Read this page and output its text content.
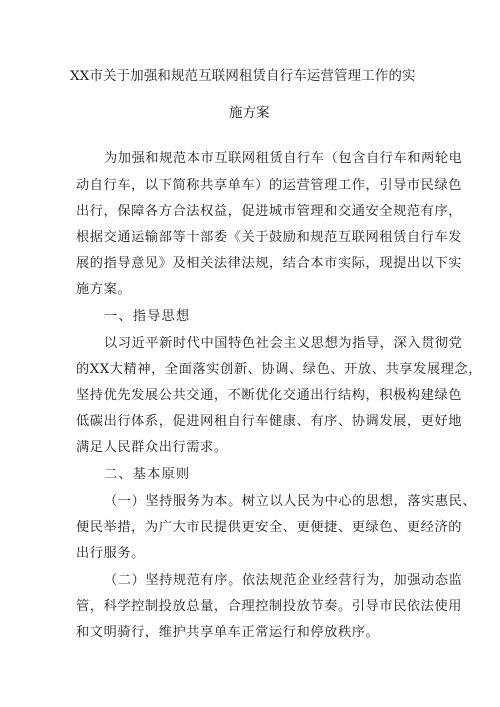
XX市关于加强和规范互联网租赁自行车运营管理工作的实
施方案
为加强和规范本市互联网租赁自行车（包含自行车和两轮电
动自行车，以下简称共享单车）的运营管理工作，引导市民绿色
出行，保障各方合法权益，促进城市管理和交通安全规范有序，
根据交通运输部等十部委《关于鼓励和规范互联网租赁自行车发
展的指导意见》及相关法律法规，结合本市实际，现提出以下实
施方案。
一、指导思想
以习近平新时代中国特色社会主义思想为指导，深入贯彻党
的XX大精神，全面落实创新、协调、绿色、开放、共享发展理念，
坚持优先发展公共交通，不断优化交通出行结构，积极构建绿色
低碳出行体系，促进网租自行车健康、有序、协调发展，更好地
满足人民群众出行需求。
二、基本原则
（一）坚持服务为本。树立以人民为中心的思想，落实惠民、
便民举措，为广大市民提供更安全、更便捷、更绿色、更经济的
出行服务。
（二）坚持规范有序。依法规范企业经营行为，加强动态监
管，科学控制投放总量，合理控制投放节奏。引导市民依法使用
和文明骑行，维护共享单车正常运行和停放秩序。
